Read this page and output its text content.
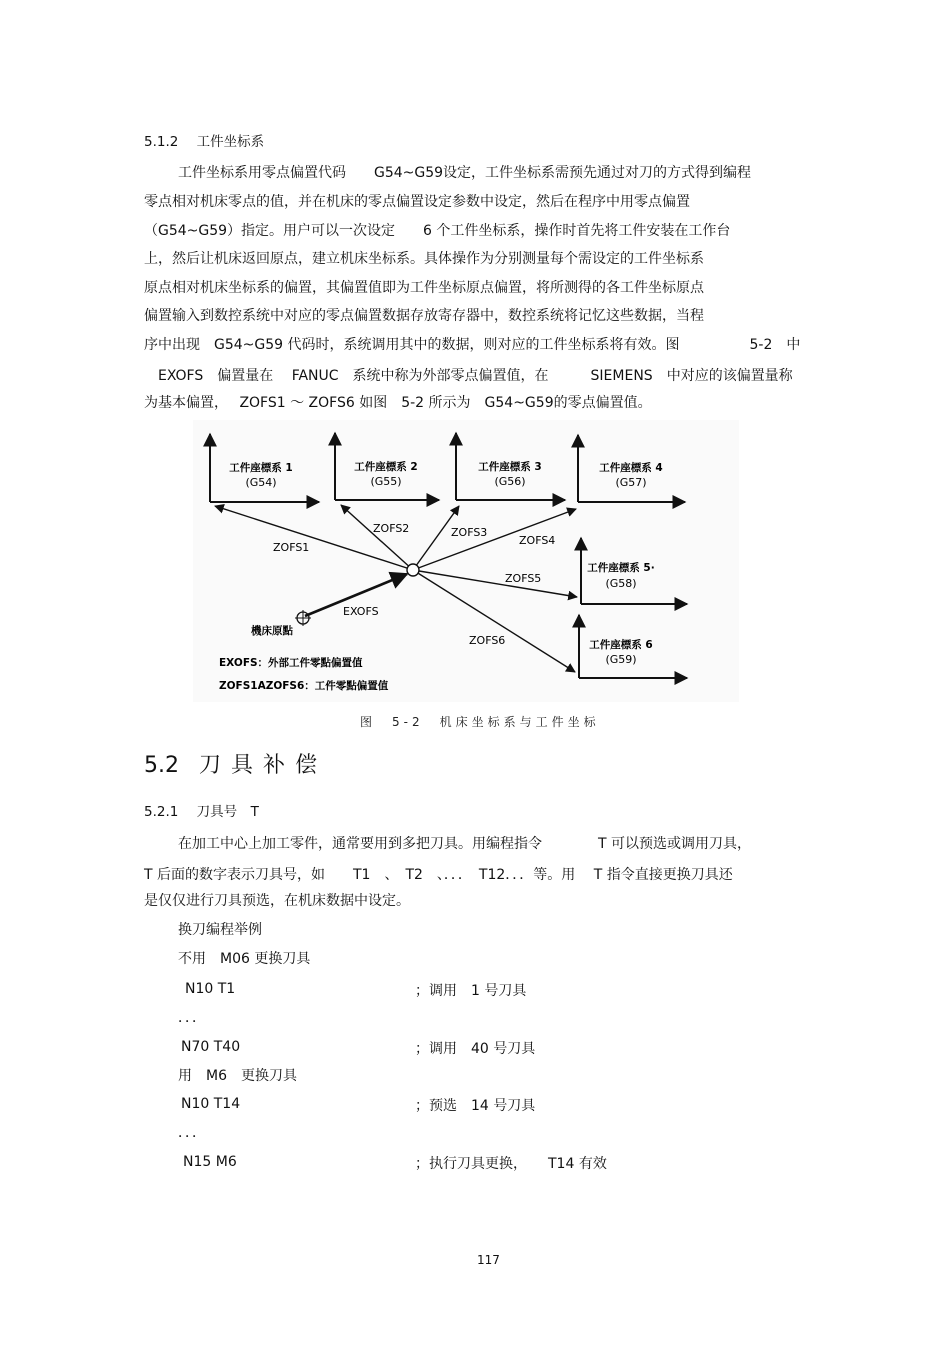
5.1.2 工件坐标系
工件坐标系用零点偏置代码　　G54~G59设定，工件坐标系需预先通过对刀的方式得到编程
零点相对机床零点的值，并在机床的零点偏置设定参数中设定，然后在程序中用零点偏置
（G54~G59）指定。用户可以一次设定　　6 个工件坐标系，操作时首先将工件安装在工作台
上，然后让机床返回原点，建立机床坐标系。具体操作为分别测量每个需设定的工件坐标系
原点相对机床坐标系的偏置，其偏置值即为工件坐标原点偏置，将所测得的各工件坐标原点
偏置输入到数控系统中对应的零点偏置数据存放寄存器中，数控系统将记忆这些数据，当程
序中出现　G54~G59 代码时，系统调用其中的数据，则对应的工件坐标系将有效。图　　　　　5-2　中
　EXOFS　偏置量在　 FANUC　系统中称为外部零点偏置值，在　　　SIEMENS　中对应的该偏置量称
为基本偏置，　 ZOFS1 ～ ZOFS6 如图　5-2 所示为　G54~G59的零点偏置值。
工件座標系 1
(G54)
工件座標系 2
(G55)
工件座標系 3
(G56)
工件座標系 4
(G57)
工件座標系 5·
(G58)
工件座標系 6
(G59)
ZOFS1
ZOFS2	ZOFS3
ZOFS4
ZOFS5
ZOFS6
EXOFS
機床原點
EXOFS：外部工件零點偏置值
ZOFS1AZOFS6：工件零點偏置值
图　5-2　机床坐标系与工件坐标
5.2 刀具补偿
5.2.1 刀具号　T
在加工中心上加工零件，通常要用到多把刀具。用编程指令　　　　T 可以预选或调用刀具，
T 后面的数字表示刀具号，如　　T1　、　T2　、．．．　T12．．．等。用　 T 指令直接更换刀具还
是仅仅进行刀具预选，在机床数据中设定。
换刀编程举例
不用　M06 更换刀具
N10 T1	；调用　1 号刀具
．．．
N70 T40	；调用　40 号刀具
用　M6　更换刀具
N10 T14	；预选　14 号刀具
．．．
N15 M6	；执行刀具更换，　　T14 有效
117
